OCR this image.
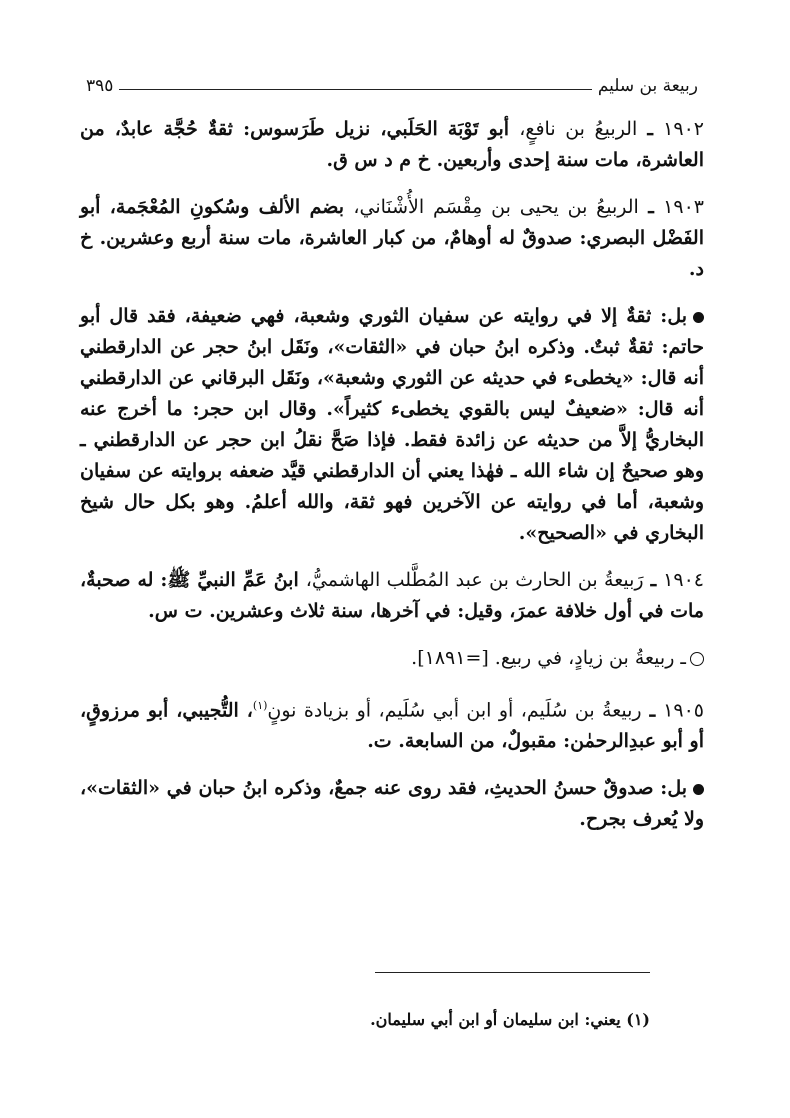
ربيعة بن سليم
٣٩٥

١٩٠٢ ـ الربيعُ بن نافعٍ، أبو تَوْبَة الحَلَبي، نزيل طَرَسوس: ثقةٌ حُجَّة عابدٌ، من العاشرة، مات سنة إحدى وأربعين. خ م د س ق.

١٩٠٣ ـ الربيعُ بن يحيى بن مِقْسَم الأُشْنَاني، بضم الألف وسُكونِ المُعْجَمة، أبو الفَضْل البصري: صدوقٌ له أوهامٌ، من كبار العاشرة، مات سنة أربع وعشرين. خ د.

بل: ثقةٌ إلا في روايته عن سفيان الثوري وشعبة، فهي ضعيفة، فقد قال أبو حاتم: ثقةٌ ثبتٌ. وذكره ابنُ حبان في «الثقات»، ونَقَل ابنُ حجر عن الدارقطني أنه قال: «يخطىء في حديثه عن الثوري وشعبة»، ونَقَل البرقاني عن الدارقطني أنه قال: «ضعيفٌ ليس بالقوي يخطىء كثيراً». وقال ابن حجر: ما أخرج عنه البخاريُّ إلاَّ من حديثه عن زائدة فقط. فإذا صَحَّ نقلُ ابن حجر عن الدارقطني ـ وهو صحيحٌ إن شاء الله ـ فهٰذا يعني أن الدارقطني قيَّد ضعفه بروايته عن سفيان وشعبة، أما في روايته عن الآخرين فهو ثقة، والله أعلمُ. وهو بكل حال شيخ البخاري في «الصحيح».

١٩٠٤ ـ رَبيعةُ بن الحارث بن عبد المُطَّلب الهاشميُّ، ابنُ عَمِّ النبيِّ ﷺ: له صحبةٌ، مات في أول خلافة عمرَ، وقيل: في آخرها، سنة ثلاث وعشرين. ت س.

ـ ربيعةُ بن زيادٍ، في ربيع. [=١٨٩١].

١٩٠٥ ـ ربيعةُ بن سُلَيم، أو ابن أبي سُلَيم، أو بزيادة نونٍ$^{(١)}$، التُّجيبي، أبو مرزوقٍ، أو أبو عبدِالرحمٰن: مقبولٌ، من السابعة. ت.

بل: صدوقٌ حسنُ الحديثِ، فقد روى عنه جمعٌ، وذكره ابنُ حبان في «الثقات»، ولا يُعرف بجرح.

(١) يعني: ابن سليمان أو ابن أبي سليمان.
